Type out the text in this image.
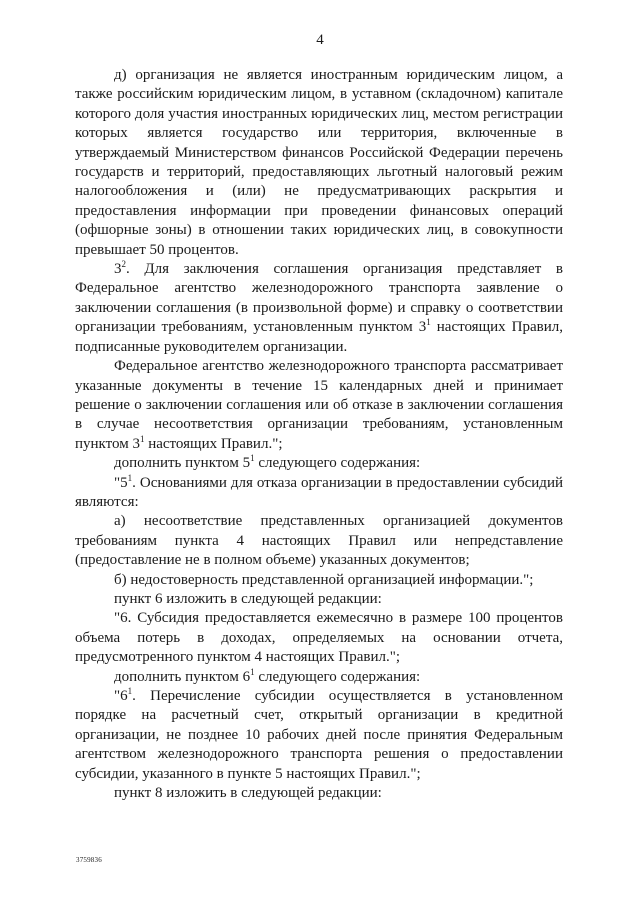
4

д) организация не является иностранным юридическим лицом, а также российским юридическим лицом, в уставном (складочном) капитале которого доля участия иностранных юридических лиц, местом регистрации которых является государство или территория, включенные в утверждаемый Министерством финансов Российской Федерации перечень государств и территорий, предоставляющих льготный налоговый режим налогообложения и (или) не предусматривающих раскрытия и предоставления информации при проведении финансовых операций (офшорные зоны) в отношении таких юридических лиц, в совокупности превышает 50 процентов.

$3^2$. Для заключения соглашения организация представляет в Федеральное агентство железнодорожного транспорта заявление о заключении соглашения (в произвольной форме) и справку о соответствии организации требованиям, установленным пунктом $3^1$ настоящих Правил, подписанные руководителем организации.

Федеральное агентство железнодорожного транспорта рассматривает указанные документы в течение 15 календарных дней и принимает решение о заключении соглашения или об отказе в заключении соглашения в случае несоответствия организации требованиям, установленным пунктом $3^1$ настоящих Правил.";

дополнить пунктом $5^1$ следующего содержания:

"$5^1$. Основаниями для отказа организации в предоставлении субсидий являются:

а) несоответствие представленных организацией документов требованиям пункта 4 настоящих Правил или непредставление (предоставление не в полном объеме) указанных документов;

б) недостоверность представленной организацией информации.";

пункт 6 изложить в следующей редакции:

"6. Субсидия предоставляется ежемесячно в размере 100 процентов объема потерь в доходах, определяемых на основании отчета, предусмотренного пунктом 4 настоящих Правил.";

дополнить пунктом $6^1$ следующего содержания:

"$6^1$. Перечисление субсидии осуществляется в установленном порядке на расчетный счет, открытый организации в кредитной организации, не позднее 10 рабочих дней после принятия Федеральным агентством железнодорожного транспорта решения о предоставлении субсидии, указанного в пункте 5 настоящих Правил.";

пункт 8 изложить в следующей редакции:

3759836
